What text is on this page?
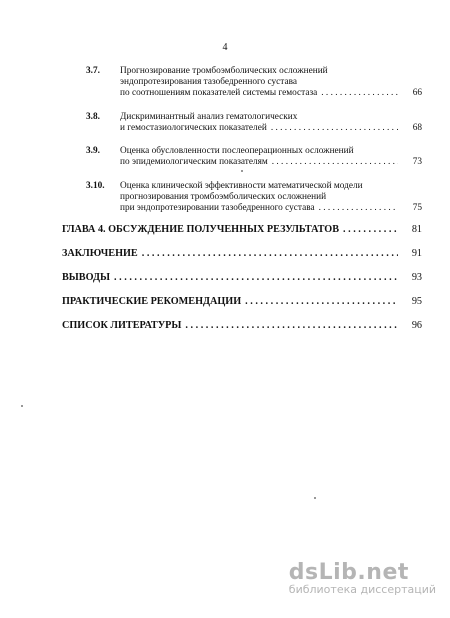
4
3.7.	Прогнозирование тромбоэмболических осложнений
эндопротезирования тазобедренного сустава
по соотношениям показателей системы гемостаза . . .	66
3.8.	Дискриминантный анализ гематологических
и гемостазиологических показателей . . .	68
3.9.	Оценка обусловленности послеоперационных осложнений
по эпидемиологическим показателям . . .	73
3.10.	Оценка клинической эффективности математической модели
прогнозирования тромбоэмболических осложнений
при эндопротезировании тазобедренного сустава . . .	75
ГЛАВА 4. ОБСУЖДЕНИЕ ПОЛУЧЕННЫХ РЕЗУЛЬТАТОВ . . .	81
ЗАКЛЮЧЕНИЕ . . .	91
ВЫВОДЫ . . .	93
ПРАКТИЧЕСКИЕ РЕКОМЕНДАЦИИ . . .	95
СПИСОК ЛИТЕРАТУРЫ . . .	96
dsLib.net
библиотека диссертаций
